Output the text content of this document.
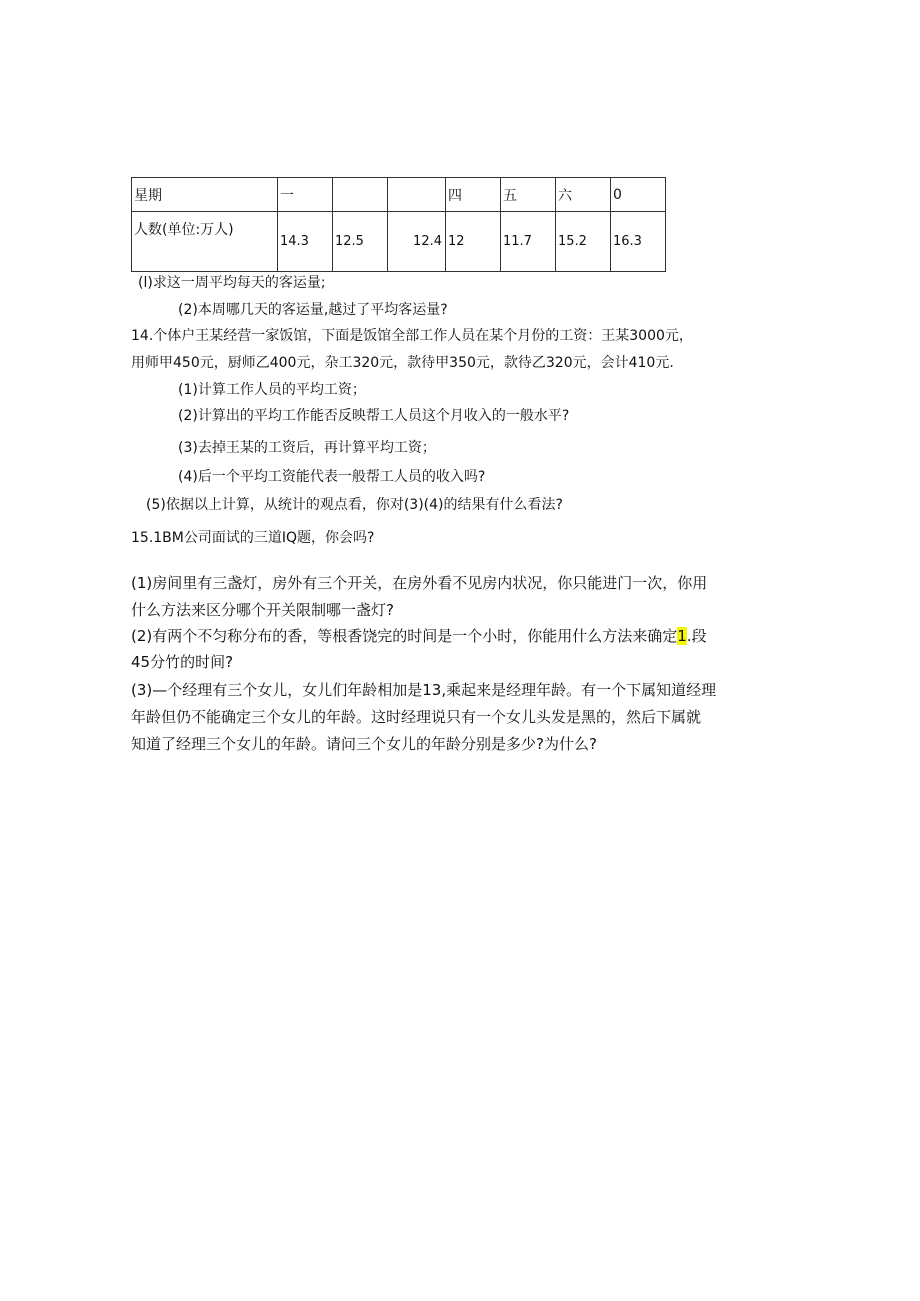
星期	一			四	五	六	0
人数(单位:万人)	14.3	12.5	12.4	12	11.7	15.2	16.3
(l)求这一周平均每天的客运量;
(2)本周哪几天的客运量,越过了平均客运量?
14.个体户王某经营一家饭馆，下面是饭馆全部工作人员在某个月份的工资：王某3000元，
用师甲450元，厨师乙400元，杂工320元，款待甲350元，款待乙320元，会计410元.
(1)计算工作人员的平均工资；
(2)计算出的平均工作能否反映帮工人员这个月收入的一般水平?
(3)去掉王某的工资后，再计算平均工资；
(4)后一个平均工资能代表一般帮工人员的收入吗?
(5)依据以上计算，从统计的观点看，你对(3)(4)的结果有什么看法?
15.1BM公司面试的三道IQ题，你会吗?
(1)房间里有三盏灯，房外有三个开关，在房外看不见房内状况，你只能进门一次，你用
什么方法来区分哪个开关限制哪一盏灯?
(2)有两个不匀称分布的香，等根香饶完的时间是一个小时，你能用什么方法来确定1.段
45分竹的时间?
(3)—个经理有三个女儿，女儿们年龄相加是13,乘起来是经理年龄。有一个下属知道经理
年龄但仍不能确定三个女儿的年龄。这时经理说只有一个女儿头发是黑的，然后下属就
知道了经理三个女儿的年龄。请问三个女儿的年龄分别是多少?为什么?
